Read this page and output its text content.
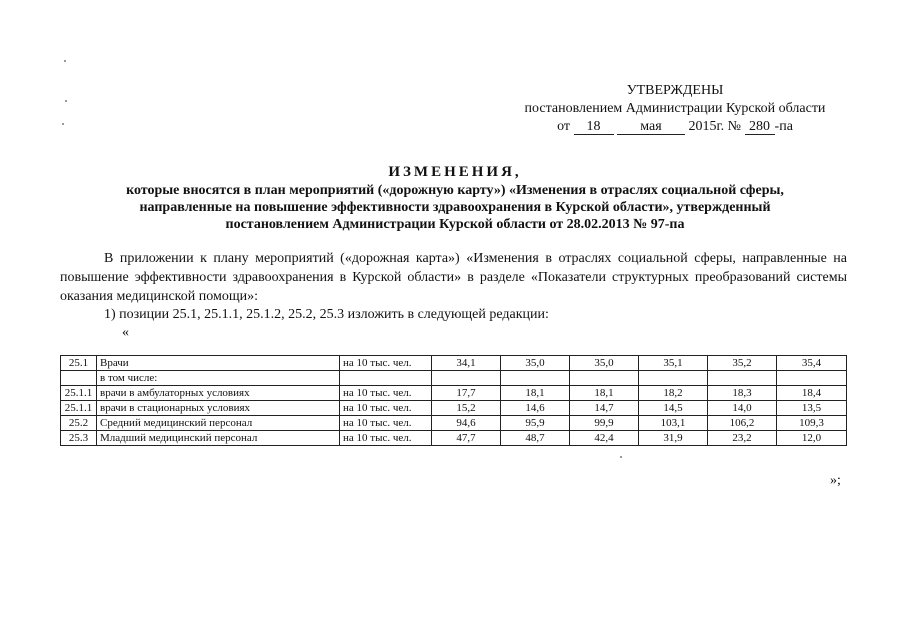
УТВЕРЖДЕНЫ
постановлением Администрации Курской области
от 18	мая 2015г. № 280 -па
ИЗМЕНЕНИЯ,
которые вносятся в план мероприятий («дорожную карту») «Изменения в отраслях социальной сферы,
направленные на повышение эффективности здравоохранения в Курской области», утвержденный
постановлением Администрации Курской области от 28.02.2013 № 97-па

В приложении к плану мероприятий («дорожная карта») «Изменения в отраслях социальной сферы, направленные на повышение эффективности здравоохранения в Курской области» в разделе «Показатели структурных преобразований системы оказания медицинской помощи»:

1) позиции 25.1, 25.1.1, 25.1.2, 25.2, 25.3 изложить в следующей редакции:
«
25.1	Врачи	на 10 тыс. чел.	34,1	35,0	35,0	35,1	35,2	35,4
	в том числе:							
25.1.1	врачи в амбулаторных условиях	на 10 тыс. чел.	17,7	18,1	18,1	18,2	18,3	18,4
25.1.1	врачи в стационарных условиях	на 10 тыс. чел.	15,2	14,6	14,7	14,5	14,0	13,5
25.2	Средний медицинский персонал	на 10 тыс. чел.	94,6	95,9	99,9	103,1	106,2	109,3
25.3	Младший медицинский персонал	на 10 тыс. чел.	47,7	48,7	42,4	31,9	23,2	12,0
»;
